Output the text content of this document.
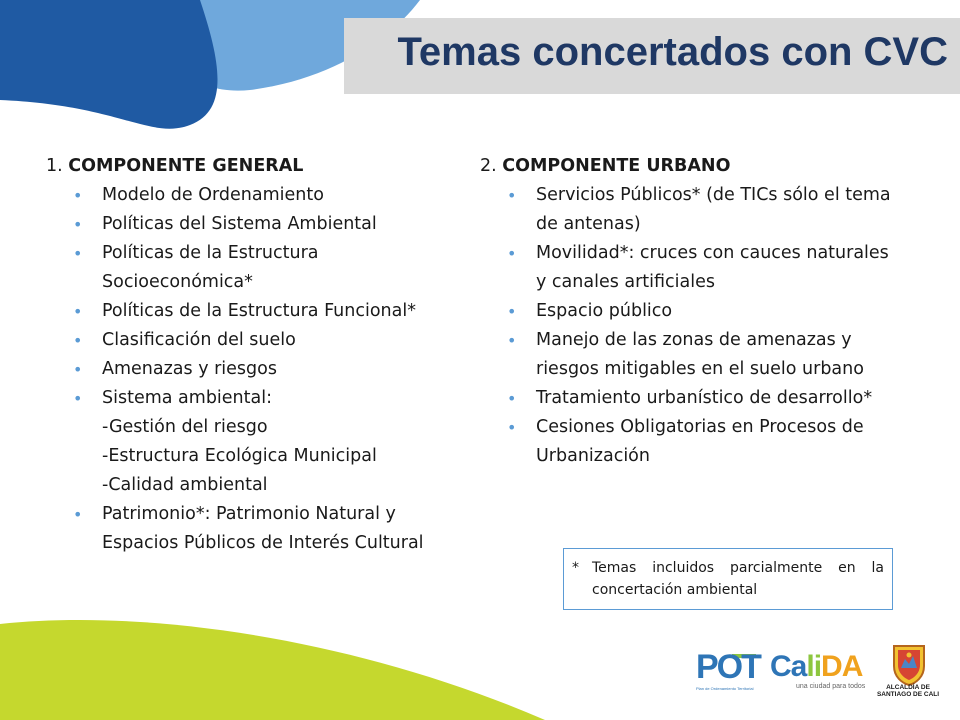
Temas concertados con CVC
1. COMPONENTE GENERAL
• Modelo de Ordenamiento
• Políticas del Sistema Ambiental
• Políticas de la Estructura Socioeconómica*
• Políticas de la Estructura Funcional*
• Clasificación del suelo
• Amenazas y riesgos
• Sistema ambiental:
-Gestión del riesgo
-Estructura Ecológica Municipal
-Calidad ambiental
• Patrimonio*: Patrimonio Natural y Espacios Públicos de Interés Cultural
2. COMPONENTE URBANO
• Servicios Públicos* (de TICs sólo el tema de antenas)
• Movilidad*: cruces con cauces naturales y canales artificiales
• Espacio público
• Manejo de las zonas de amenazas y riesgos mitigables en el suelo urbano
• Tratamiento urbanístico de desarrollo*
• Cesiones Obligatorias en Procesos de Urbanización
* Temas incluidos parcialmente en la concertación ambiental
POT
Plan de Ordenamiento Territorial
CaliDA
una ciudad para todos	ALCALDÍA DE
SANTIAGO DE CALI
